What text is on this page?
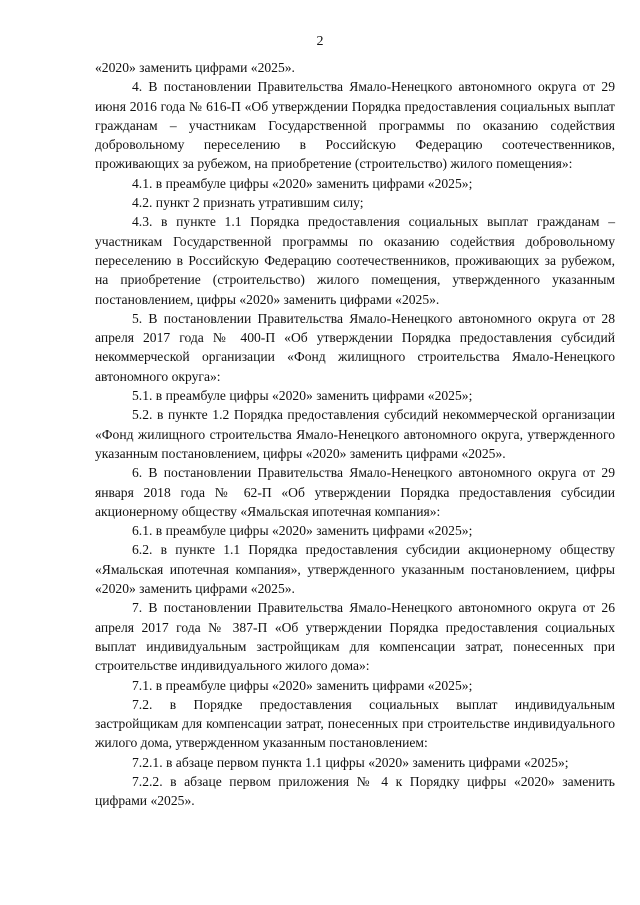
2

«2020» заменить цифрами «2025».

4. В постановлении Правительства Ямало-Ненецкого автономного округа от 29 июня 2016 года № 616-П «Об утверждении Порядка предоставления социальных выплат гражданам – участникам Государственной программы по оказанию содействия добровольному переселению в Российскую Федерацию соотечественников, проживающих за рубежом, на приобретение (строительство) жилого помещения»:

4.1. в преамбуле цифры «2020» заменить цифрами «2025»;

4.2. пункт 2 признать утратившим силу;

4.3. в пункте 1.1 Порядка предоставления социальных выплат гражданам – участникам Государственной программы по оказанию содействия добровольному переселению в Российскую Федерацию соотечественников, проживающих за рубежом, на приобретение (строительство) жилого помещения, утвержденного указанным постановлением, цифры «2020» заменить цифрами «2025».

5. В постановлении Правительства Ямало-Ненецкого автономного округа от 28 апреля 2017 года № 400-П «Об утверждении Порядка предоставления субсидий некоммерческой организации «Фонд жилищного строительства Ямало-Ненецкого автономного округа»:

5.1. в преамбуле цифры «2020» заменить цифрами «2025»;

5.2. в пункте 1.2 Порядка предоставления субсидий некоммерческой организации «Фонд жилищного строительства Ямало-Ненецкого автономного округа, утвержденного указанным постановлением, цифры «2020» заменить цифрами «2025».

6. В постановлении Правительства Ямало-Ненецкого автономного округа от 29 января 2018 года № 62-П «Об утверждении Порядка предоставления субсидии акционерному обществу «Ямальская ипотечная компания»:

6.1. в преамбуле цифры «2020» заменить цифрами «2025»;

6.2. в пункте 1.1 Порядка предоставления субсидии акционерному обществу «Ямальская ипотечная компания», утвержденного указанным постановлением, цифры «2020» заменить цифрами «2025».

7. В постановлении Правительства Ямало-Ненецкого автономного округа от 26 апреля 2017 года № 387-П «Об утверждении Порядка предоставления социальных выплат индивидуальным застройщикам для компенсации затрат, понесенных при строительстве индивидуального жилого дома»:

7.1. в преамбуле цифры «2020» заменить цифрами «2025»;

7.2. в Порядке предоставления социальных выплат индивидуальным застройщикам для компенсации затрат, понесенных при строительстве индивидуального жилого дома, утвержденном указанным постановлением:

7.2.1. в абзаце первом пункта 1.1 цифры «2020» заменить цифрами «2025»;

7.2.2. в абзаце первом приложения № 4 к Порядку цифры «2020» заменить цифрами «2025».
